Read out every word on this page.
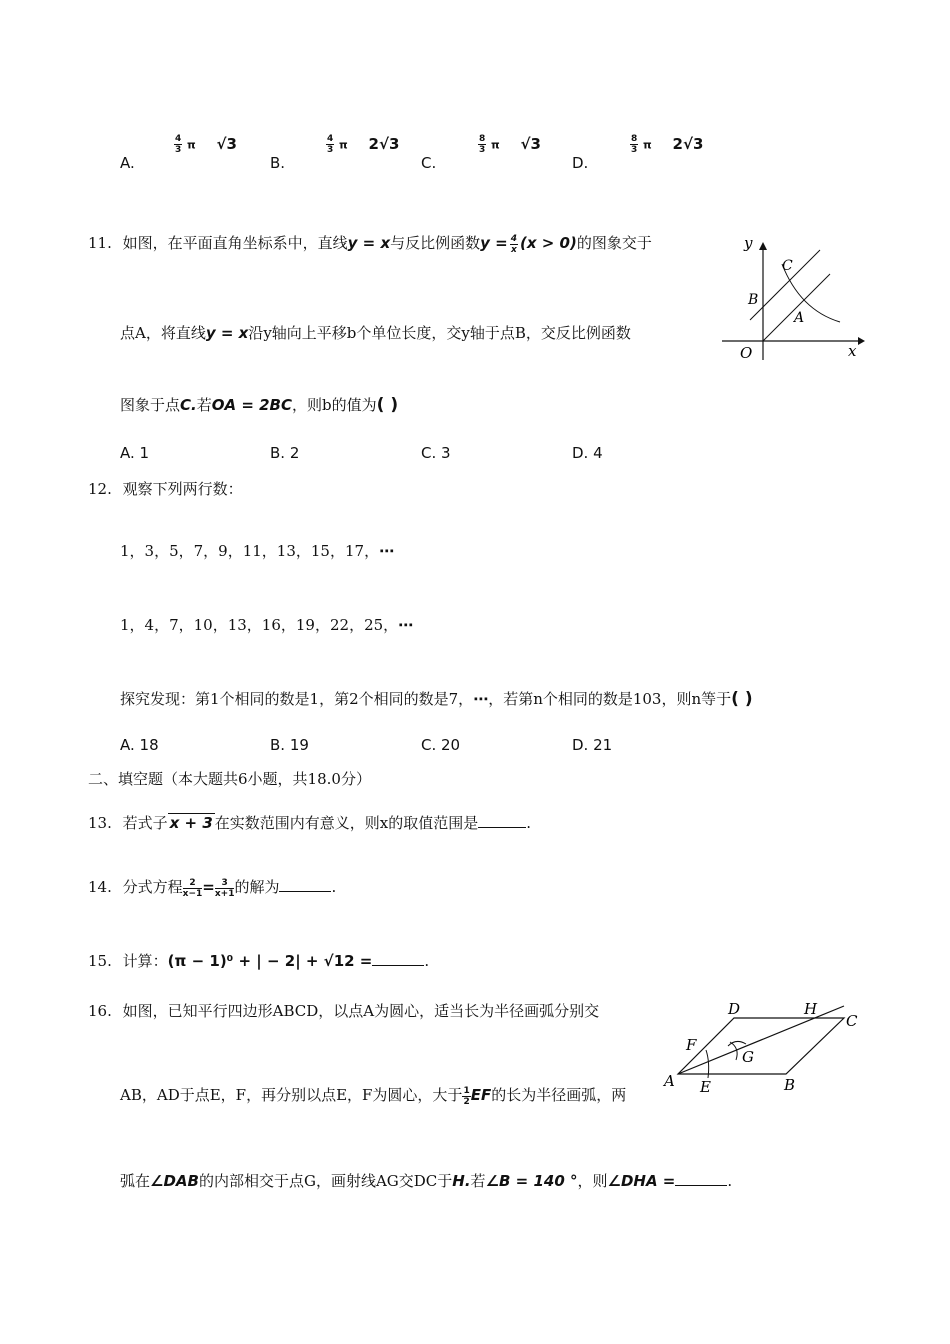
A.
$\frac{4}{3}$ π √3
B.
$\frac{4}{3}$ π 2√3
C.
$\frac{8}{3}$ π √3
D.
$\frac{8}{3}$ π 2√3
11. 如图，在平面直角坐标系中，直线y = x与反比例函数$y = \frac{4}{x} (x > 0)$的图象交于
点A，将直线y = x沿y轴向上平移b个单位长度，交y轴于点B，交反比例函数
图象于点C.若OA = 2BC，则b的值为( )
A. 1	B. 2	C. 3	D. 4
y
x
O
B
C
A
12. 观察下列两行数：
1，3，5，7，9，11，13，15，17，⋯
1，4，7，10，13，16，19，22，25，⋯
探究发现：第1个相同的数是1，第2个相同的数是7，⋯，若第n个相同的数是103，则n等于( )
A. 18	B. 19	C. 20	D. 21
二、填空题（本大题共6小题，共18.0分）
13. 若式子 x + 3 在实数范围内有意义，则x的取值范围是	.
14. 分式方程 $\frac{2}{x-1} = \frac{3}{x+1}$ 的解为	.
15. 计算：(π − 1)⁰ + | − 2| + √12 =	.
16. 如图，已知平行四边形ABCD，以点A为圆心，适当长为半径画弧分别交
AB，AD于点E，F，再分别以点E，F为圆心，大于 $\frac{1}{2}$ EF的长为半径画弧，两
弧在∠DAB的内部相交于点G，画射线AG交DC于H.若∠B = 140 °，则∠DHA =	.
D	H
C
F
G
A E	B
